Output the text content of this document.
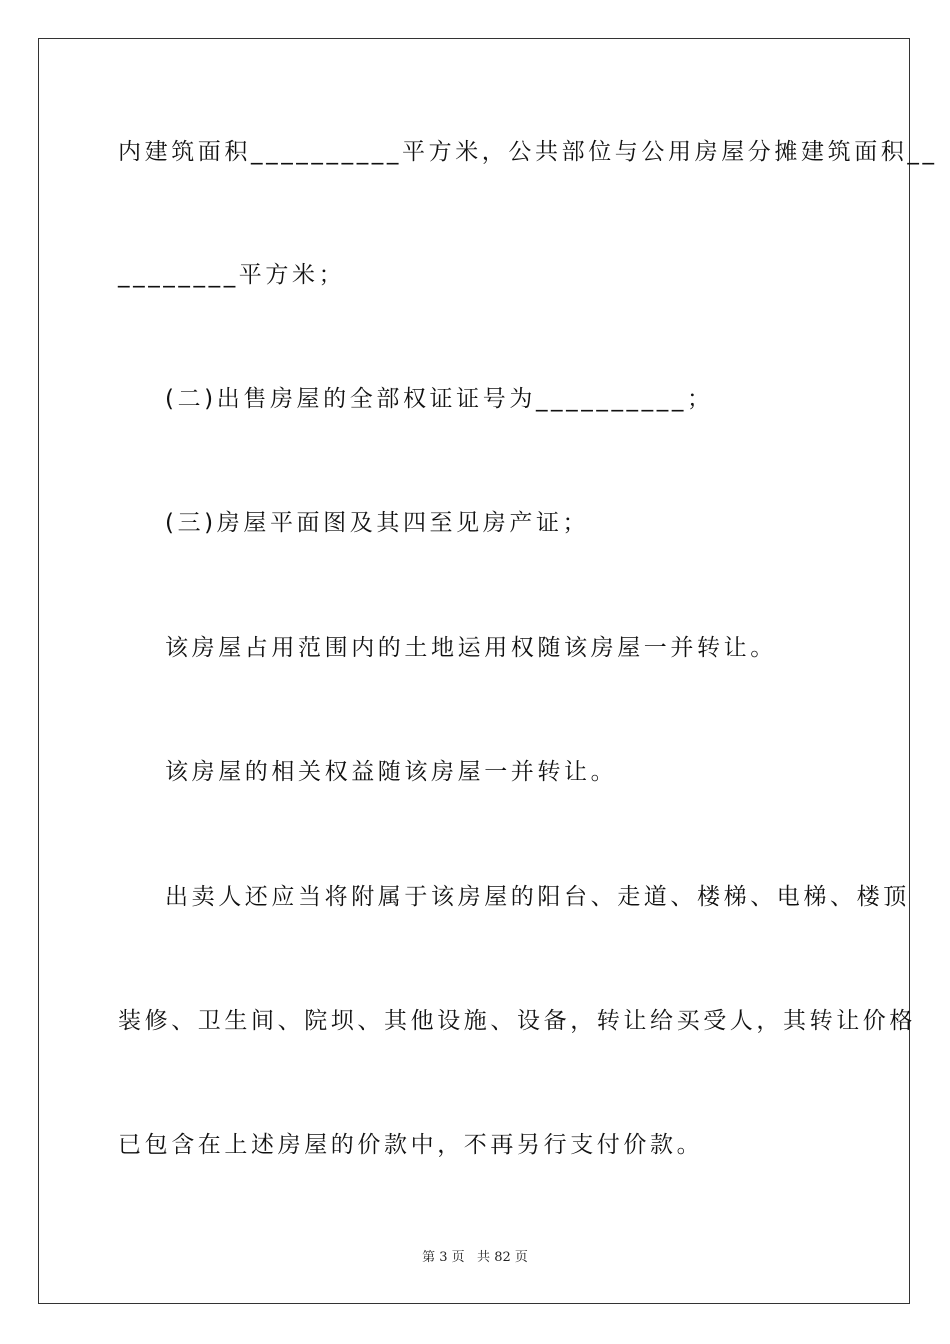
内建筑面积__________平方米，公共部位与公用房屋分摊建筑面积__
________平方米；
(二)出售房屋的全部权证证号为__________；
(三)房屋平面图及其四至见房产证；
该房屋占用范围内的土地运用权随该房屋一并转让。
该房屋的相关权益随该房屋一并转让。
出卖人还应当将附属于该房屋的阳台、走道、楼梯、电梯、楼顶
装修、卫生间、院坝、其他设施、设备，转让给买受人，其转让价格
已包含在上述房屋的价款中，不再另行支付价款。
第 3 页   共 82 页
